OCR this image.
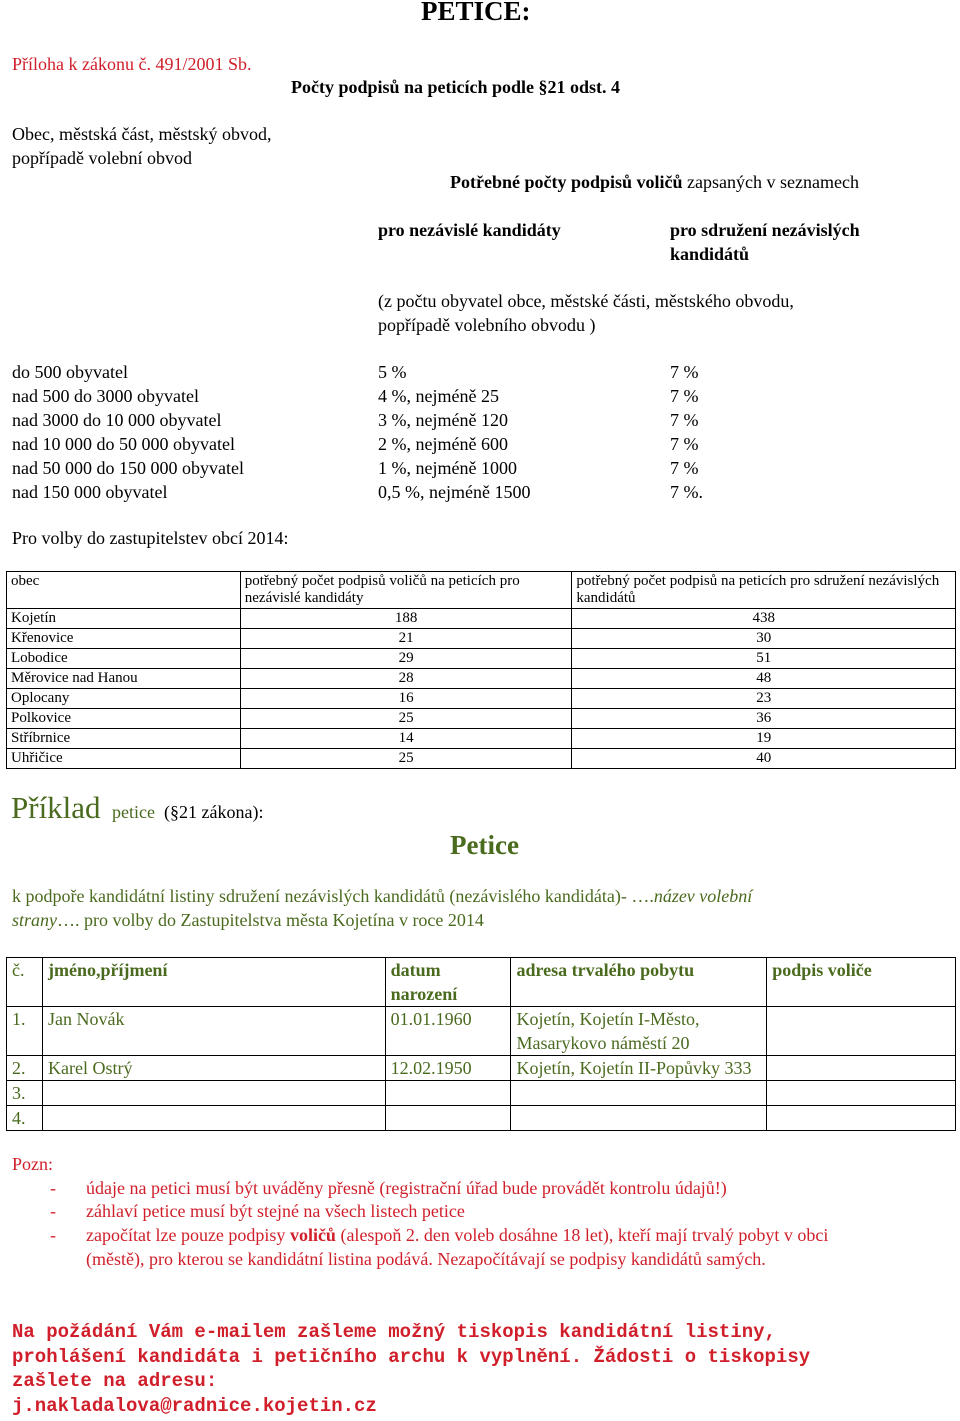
PETICE:
Příloha k zákonu č. 491/2001 Sb.
Počty podpisů na peticích podle §21 odst. 4
Obec, městská část, městský obvod,
popřípadě volební obvod
Potřebné počty podpisů voličů zapsaných v seznamech
pro nezávislé kandidáty	pro sdružení nezávislých
kandidátů
(z počtu obyvatel obce, městské části, městského obvodu,
popřípadě volebního obvodu )
do 500 obyvatel	5 %	7 %
nad 500 do 3000 obyvatel	4 %, nejméně 25	7 %
nad 3000 do 10 000 obyvatel	3 %, nejméně 120	7 %
nad 10 000 do 50 000 obyvatel	2 %, nejméně 600	7 %
nad 50 000 do 150 000 obyvatel	1 %, nejméně 1000	7 %
nad 150 000 obyvatel	0,5 %, nejméně 1500	7 %.
Pro volby do zastupitelstev obcí 2014:
obec	potřebný počet podpisů voličů na peticích pro nezávislé kandidáty	potřebný počet podpisů na peticích pro sdružení nezávislých kandidátů
Kojetín	188	438
Křenovice	21	30
Lobodice	29	51
Měrovice nad Hanou	28	48
Oplocany	16	23
Polkovice	25	36
Stříbrnice	14	19
Uhřičice	25	40
Příklad petice (§21 zákona):
Petice
k podpoře kandidátní listiny sdružení nezávislých kandidátů (nezávislého kandidáta)- ….název volební
strany…. pro volby do Zastupitelstva města Kojetína v roce 2014
č.	jméno,příjmení	datum narození	adresa trvalého pobytu	podpis voliče
1.	Jan Novák	01.01.1960	Kojetín, Kojetín I-Město, Masarykovo náměstí 20	
2.	Karel Ostrý	12.02.1950	Kojetín, Kojetín II-Popůvky 333	
3.				
4.				
Pozn:
- údaje na petici musí být uváděny přesně (registrační úřad bude provádět kontrolu údajů!)
- záhlaví petice musí být stejné na všech listech petice
- započítat lze pouze podpisy voličů (alespoň 2. den voleb dosáhne 18 let), kteří mají trvalý pobyt v obci
(městě), pro kterou se kandidátní listina podává. Nezapočítávají se podpisy kandidátů samých.
Na požádání Vám e-mailem zašleme možný tiskopis kandidátní listiny,
prohlášení kandidáta i petičního archu k vyplnění. Žádosti o tiskopisy
zašlete na adresu:
j.nakladalova@radnice.kojetin.cz
